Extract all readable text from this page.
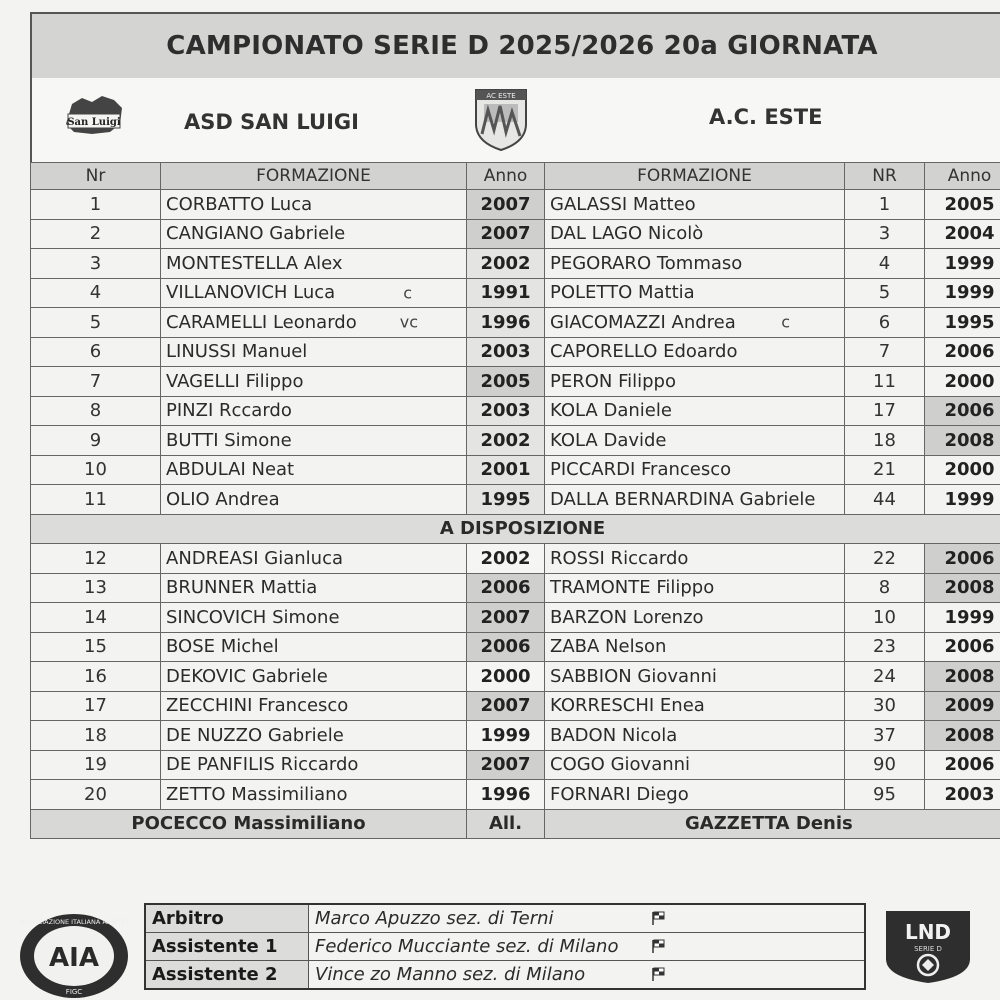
CAMPIONATO SERIE D 2025/2026 20a GIORNATA
San Luigi	ASD SAN LUIGI
AC ESTE
A.C. ESTE
Nr	FORMAZIONE	Anno	FORMAZIONE	NR	Anno
1	CORBATTO Luca	2007	GALASSI Matteo	1	2005
2	CANGIANO Gabriele	2007	DAL LAGO Nicolò	3	2004
3	MONTESTELLA Alex	2002	PEGORARO Tommaso	4	1999
4	VILLANOVICH Luca c	1991	POLETTO Mattia	5	1999
5	CARAMELLI Leonardo vc	1996	GIACOMAZZI Andrea c	6	1995
6	LINUSSI Manuel	2003	CAPORELLO Edoardo	7	2006
7	VAGELLI Filippo	2005	PERON Filippo	11	2000
8	PINZI Rccardo	2003	KOLA Daniele	17	2006
9	BUTTI Simone	2002	KOLA Davide	18	2008
10	ABDULAI Neat	2001	PICCARDI Francesco	21	2000
11	OLIO Andrea	1995	DALLA BERNARDINA Gabriele	44	1999
A DISPOSIZIONE					
12	ANDREASI Gianluca	2002	ROSSI Riccardo	22	2006
13	BRUNNER Mattia	2006	TRAMONTE Filippo	8	2008
14	SINCOVICH Simone	2007	BARZON Lorenzo	10	1999
15	BOSE Michel	2006	ZABA Nelson	23	2006
16	DEKOVIC Gabriele	2000	SABBION Giovanni	24	2008
17	ZECCHINI Francesco	2007	KORRESCHI Enea	30	2009
18	DE NUZZO Gabriele	1999	BADON Nicola	37	2008
19	DE PANFILIS Riccardo	2007	COGO Giovanni	90	2006
20	ZETTO Massimiliano	1996	FORNARI Diego	95	2003
POCECCO Massimiliano		All.	GAZZETTA Denis		
ASSOCIAZIONE ITALIANA ARBITRI
AIA
FIGC
Arbitro	Marco Apuzzo sez. di Terni

Assistente 1	Federico Mucciante sez. di Milano

Assistente 2	Vince zo Manno sez. di Milano
LND
SERIE D
